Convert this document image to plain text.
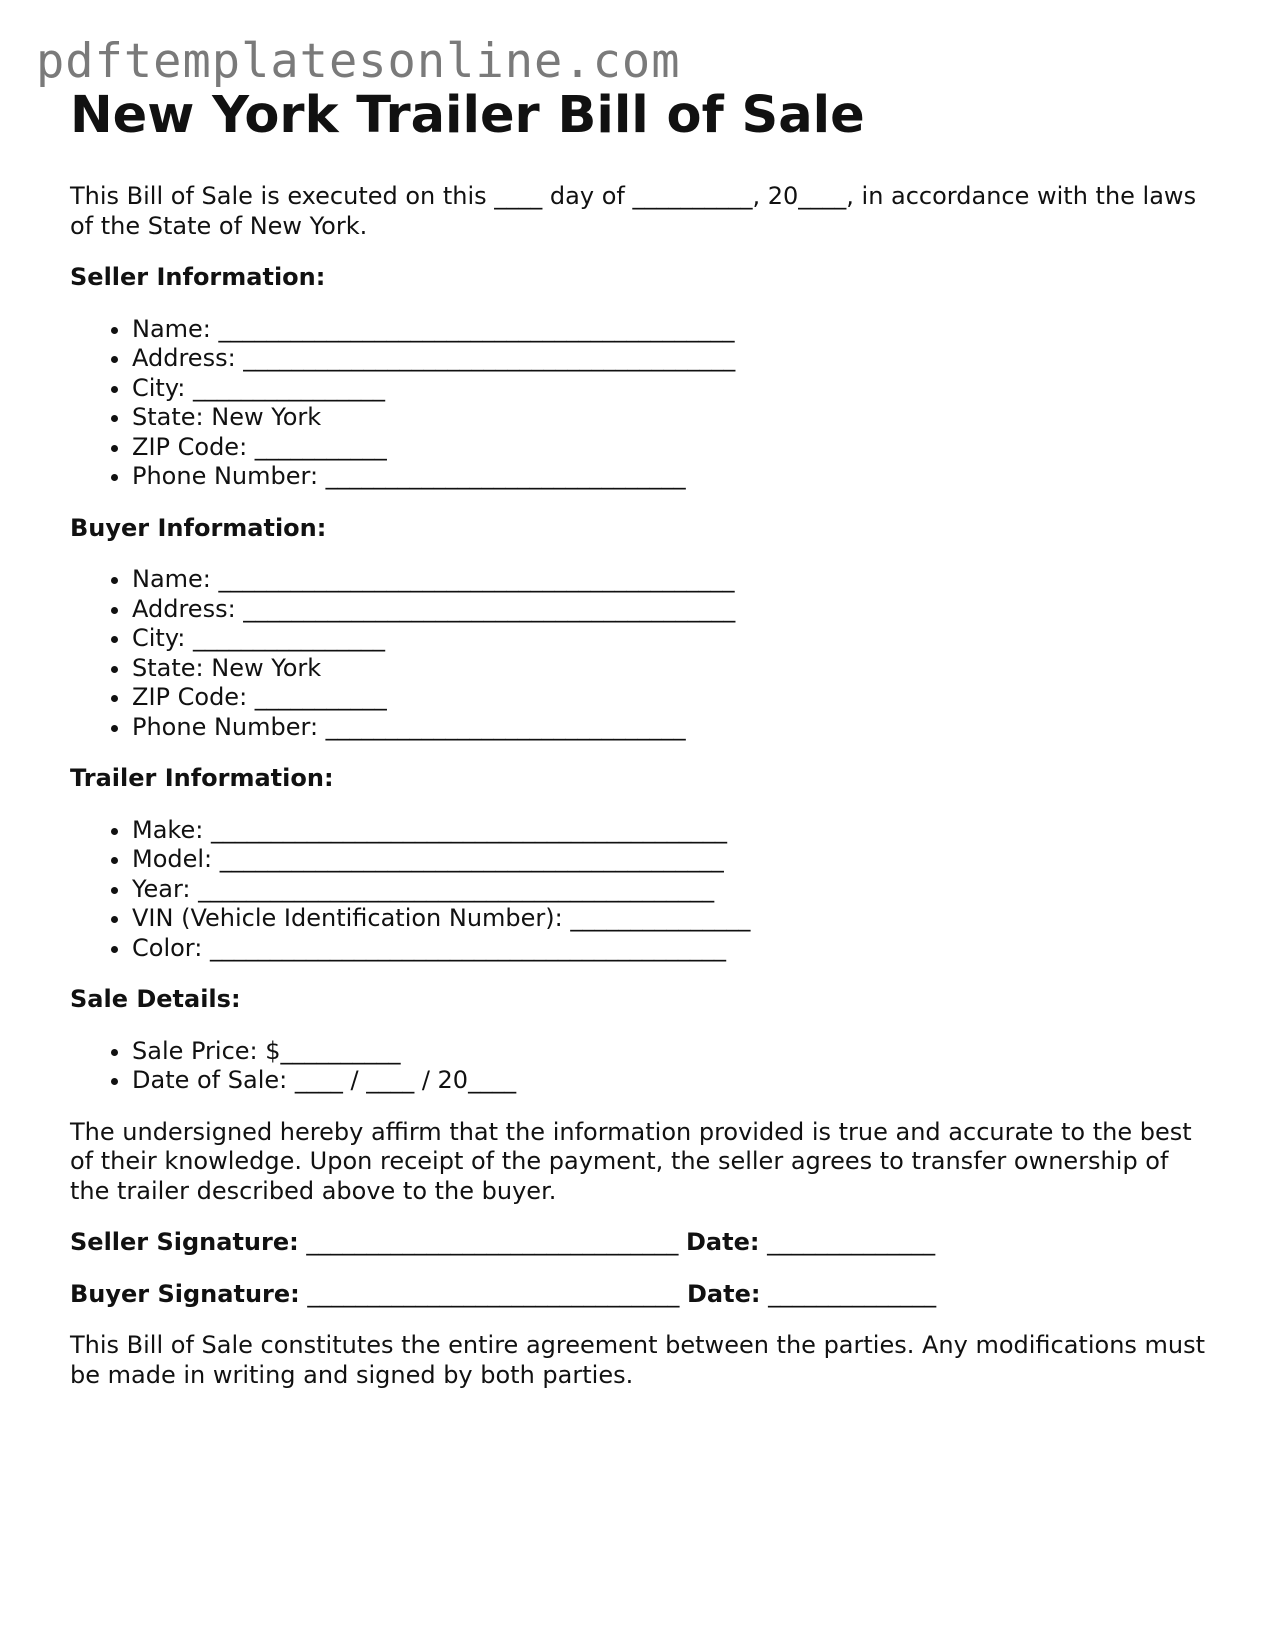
pdftemplatesonline.com
New York Trailer Bill of Sale

This Bill of Sale is executed on this ____ day of __________, 20____, in accordance with the laws of the State of New York.

Seller Information:

• Name: ___________________________________________
• Address: _________________________________________
• City: ________________
• State: New York
• ZIP Code: ___________
• Phone Number: ______________________________

Buyer Information:

• Name: ___________________________________________
• Address: _________________________________________
• City: ________________
• State: New York
• ZIP Code: ___________
• Phone Number: ______________________________

Trailer Information:

• Make: ___________________________________________
• Model: __________________________________________
• Year: ___________________________________________
• VIN (Vehicle Identification Number): _______________
• Color: ___________________________________________

Sale Details:

• Sale Price: $__________
• Date of Sale: ____ / ____ / 20____

The undersigned hereby affirm that the information provided is true and accurate to the best of their knowledge. Upon receipt of the payment, the seller agrees to transfer ownership of the trailer described above to the buyer.

Seller Signature: _______________________________ Date: ______________

Buyer Signature: _______________________________ Date: ______________

This Bill of Sale constitutes the entire agreement between the parties. Any modifications must be made in writing and signed by both parties.
